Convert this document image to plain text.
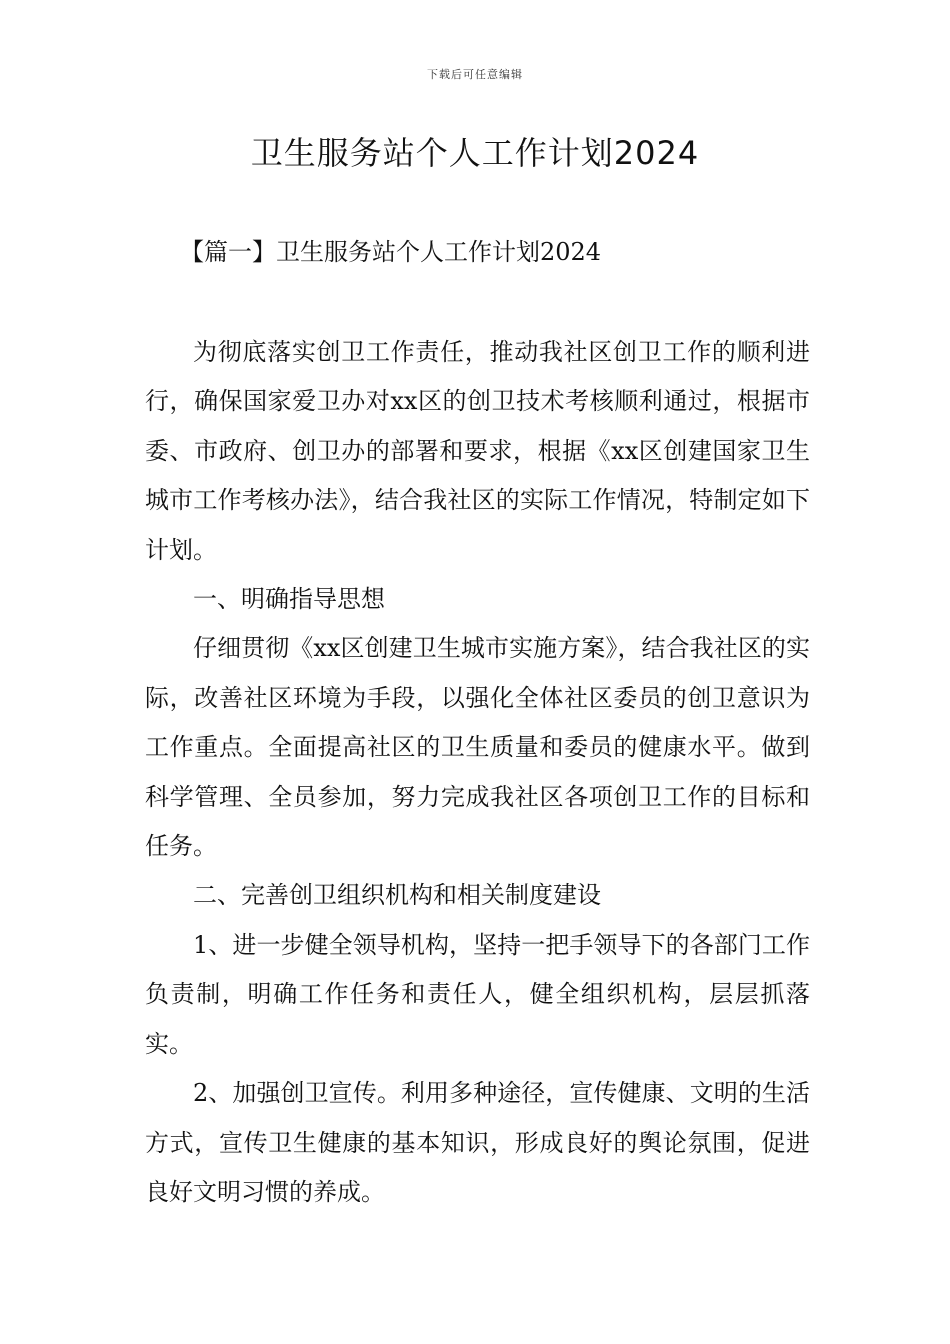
下载后可任意编辑
卫生服务站个人工作计划2024
【篇一】卫生服务站个人工作计划2024

为彻底落实创卫工作责任，推动我社区创卫工作的顺利进行，确保国家爱卫办对xx区的创卫技术考核顺利通过，根据市委、市政府、创卫办的部署和要求，根据《xx区创建国家卫生城市工作考核办法》，结合我社区的实际工作情况，特制定如下计划。

一、明确指导思想

仔细贯彻《xx区创建卫生城市实施方案》，结合我社区的实际，改善社区环境为手段，以强化全体社区委员的创卫意识为工作重点。全面提高社区的卫生质量和委员的健康水平。做到科学管理、全员参加，努力完成我社区各项创卫工作的目标和任务。

二、完善创卫组织机构和相关制度建设

1、进一步健全领导机构，坚持一把手领导下的各部门工作负责制，明确工作任务和责任人，健全组织机构，层层抓落实。

2、加强创卫宣传。利用多种途径，宣传健康、文明的生活方式，宣传卫生健康的基本知识，形成良好的舆论氛围，促进良好文明习惯的养成。
